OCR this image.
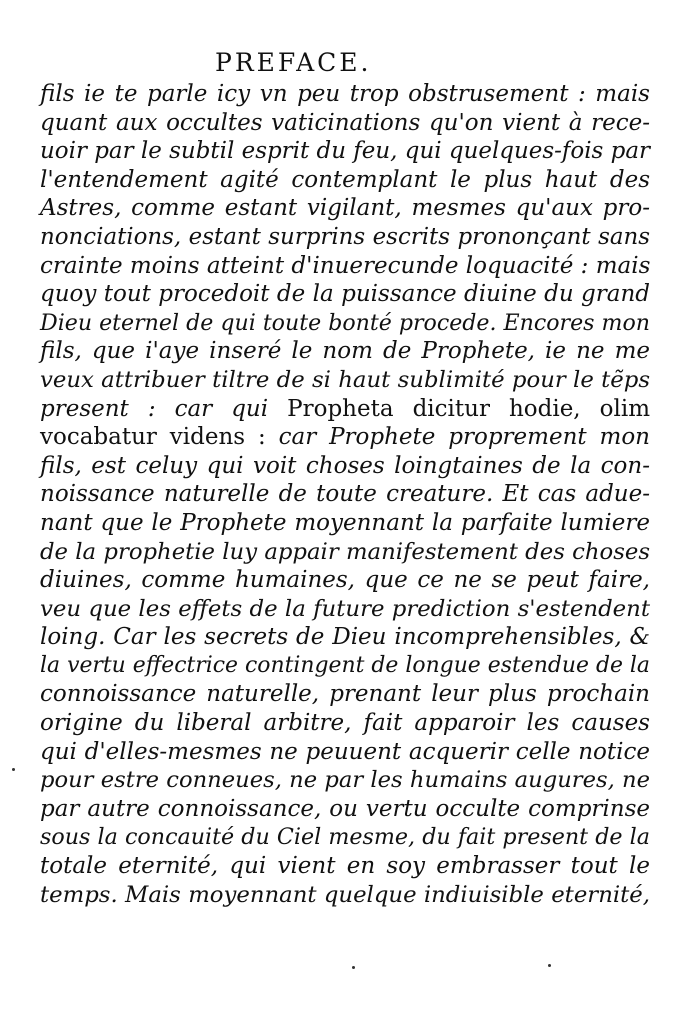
PREFACE.
fils ie te parle icy vn peu trop obstrusement : mais
quant aux occultes vaticinations qu'on vient à rece-
uoir par le subtil esprit du feu, qui quelques-fois par
l'entendement agité contemplant le plus haut des
Astres, comme estant vigilant, mesmes qu'aux pro-
nonciations, estant surprins escrits prononçant sans
crainte moins atteint d'inuerecunde loquacité : mais
quoy tout procedoit de la puissance diuine du grand
Dieu eternel de qui toute bonté procede. Encores mon
fils, que i'aye inseré le nom de Prophete, ie ne me
veux attribuer tiltre de si haut sublimité pour le tẽps
present : car qui Propheta dicitur hodie, olim
vocabatur videns : car Prophete proprement mon
fils, est celuy qui voit choses loingtaines de la con-
noissance naturelle de toute creature. Et cas adue-
nant que le Prophete moyennant la parfaite lumiere
de la prophetie luy appair manifestement des choses
diuines, comme humaines, que ce ne se peut faire,
veu que les effets de la future prediction s'estendent
loing. Car les secrets de Dieu incomprehensibles, &
la vertu effectrice contingent de longue estendue de la
connoissance naturelle, prenant leur plus prochain
origine du liberal arbitre, fait apparoir les causes
qui d'elles-mesmes ne peuuent acquerir celle notice
pour estre conneues, ne par les humains augures, ne
par autre connoissance, ou vertu occulte comprinse
sous la concauité du Ciel mesme, du fait present de la
totale eternité, qui vient en soy embrasser tout le
temps. Mais moyennant quelque indiuisible eternité,
